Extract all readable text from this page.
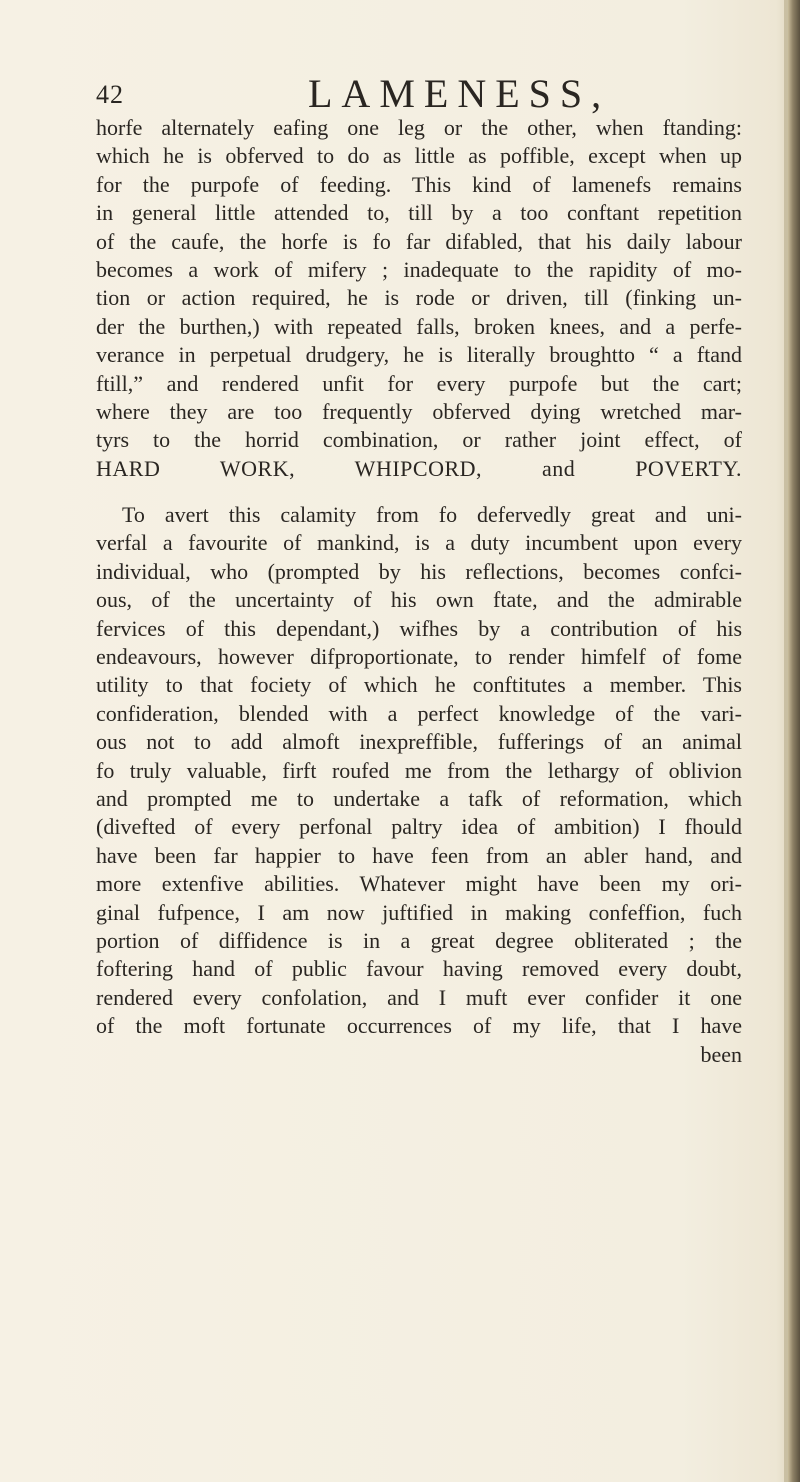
42	LAMENESS,
horfe alternately eafing one leg or the other, when ftanding:
which he is obferved to do as little as poffible, except when up
for the purpofe of feeding. This kind of lamenefs remains
in general little attended to, till by a too conftant repetition
of the caufe, the horfe is fo far difabled, that his daily labour
becomes a work of mifery ; inadequate to the rapidity of mo-
tion or action required, he is rode or driven, till (finking un-
der the burthen,) with repeated falls, broken knees, and a perfe-
verance in perpetual drudgery, he is literally broughtto “ a ftand
ftill,” and rendered unfit for every purpofe but the cart;
where they are too frequently obferved dying wretched mar-
tyrs to the horrid combination, or rather joint effect, of
HARD WORK, WHIPCORD, and POVERTY.
To avert this calamity from fo defervedly great and uni-
verfal a favourite of mankind, is a duty incumbent upon every
individual, who (prompted by his reflections, becomes confci-
ous, of the uncertainty of his own ftate, and the admirable
fervices of this dependant,) wifhes by a contribution of his
endeavours, however difproportionate, to render himfelf of fome
utility to that fociety of which he conftitutes a member. This
confideration, blended with a perfect knowledge of the vari-
ous not to add almoft inexpreffible, fufferings of an animal
fo truly valuable, firft roufed me from the lethargy of oblivion
and prompted me to undertake a tafk of reformation, which
(divefted of every perfonal paltry idea of ambition) I fhould
have been far happier to have feen from an abler hand, and
more extenfive abilities. Whatever might have been my ori-
ginal fufpence, I am now juftified in making confeffion, fuch
portion of diffidence is in a great degree obliterated ; the
foftering hand of public favour having removed every doubt,
rendered every confolation, and I muft ever confider it one
of the moft fortunate occurrences of my life, that I have
been
